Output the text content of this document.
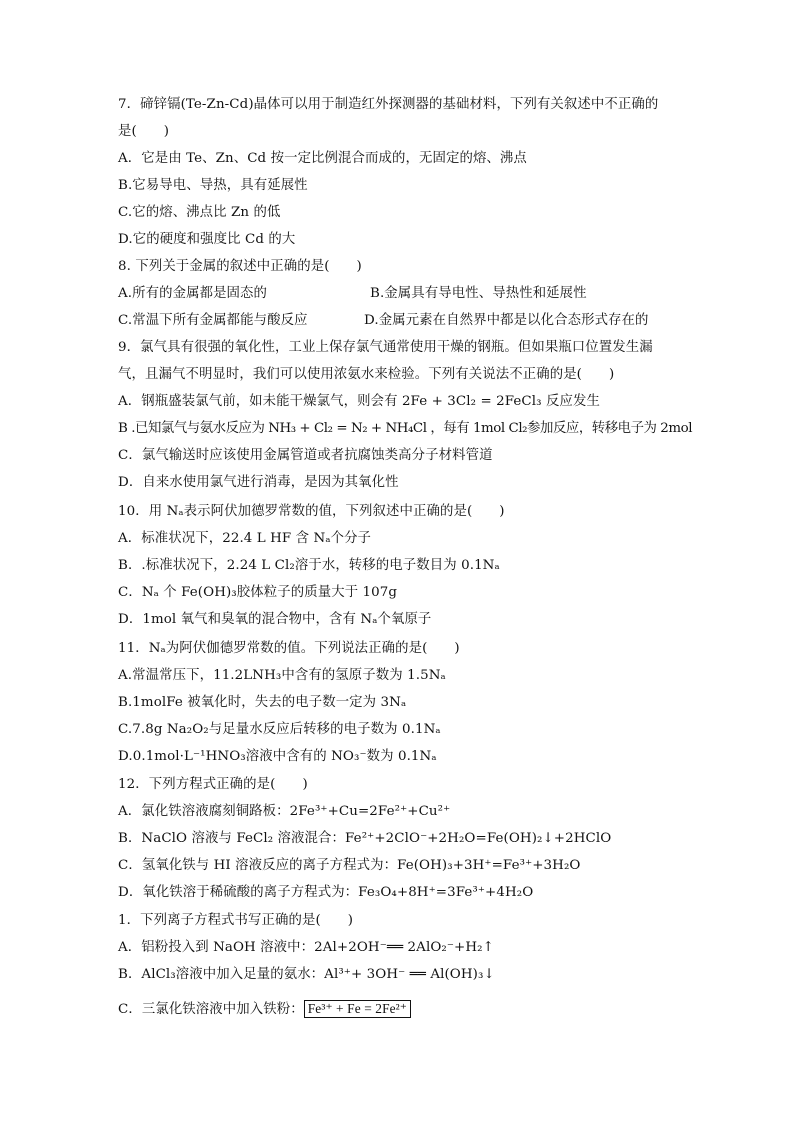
7．碲锌镉(Te-Zn-Cd)晶体可以用于制造红外探测器的基础材料，下列有关叙述中不正确的
是(　　)
A．它是由 Te、Zn、Cd 按一定比例混合而成的，无固定的熔、沸点
B.它易导电、导热，具有延展性
C.它的熔、沸点比 Zn 的低
D.它的硬度和强度比 Cd 的大
8. 下列关于金属的叙述中正确的是(　　)
A.所有的金属都是固态的	B.金属具有导电性、导热性和延展性
C.常温下所有金属都能与酸反应	D.金属元素在自然界中都是以化合态形式存在的
9．氯气具有很强的氧化性，工业上保存氯气通常使用干燥的钢瓶。但如果瓶口位置发生漏
气，且漏气不明显时，我们可以使用浓氨水来检验。下列有关说法不正确的是(　　)
A．钢瓶盛装氯气前，如未能干燥氯气，则会有 2Fe + 3Cl₂ = 2FeCl₃ 反应发生
B .已知氯气与氨水反应为 NH₃ + Cl₂ = N₂ + NH₄Cl ，每有 1mol Cl₂参加反应，转移电子为 2mol
C．氯气输送时应该使用金属管道或者抗腐蚀类高分子材料管道
D．自来水使用氯气进行消毒，是因为其氧化性
10．用 Nₐ表示阿伏加德罗常数的值，下列叙述中正确的是(　　)
A．标准状况下，22.4 L HF 含 Nₐ个分子
B．.标准状况下，2.24 L Cl₂溶于水，转移的电子数目为 0.1Nₐ
C．Nₐ 个 Fe(OH)₃胶体粒子的质量大于 107g
D．1mol 氧气和臭氧的混合物中，含有 Nₐ个氧原子
11．Nₐ为阿伏伽德罗常数的值。下列说法正确的是(　　)
A.常温常压下，11.2LNH₃中含有的氢原子数为 1.5Nₐ
B.1molFe 被氧化时，失去的电子数一定为 3Nₐ
C.7.8g Na₂O₂与足量水反应后转移的电子数为 0.1Nₐ
D.0.1mol·L⁻¹HNO₃溶液中含有的 NO₃⁻数为 0.1Nₐ
12．下列方程式正确的是(　　)
A．氯化铁溶液腐刻铜路板：2Fe³⁺+Cu=2Fe²⁺+Cu²⁺
B．NaClO 溶液与 FeCl₂ 溶液混合：Fe²⁺+2ClO⁻+2H₂O=Fe(OH)₂↓+2HClO
C．氢氧化铁与 HI 溶液反应的离子方程式为：Fe(OH)₃+3H⁺=Fe³⁺+3H₂O
D．氧化铁溶于稀硫酸的离子方程式为：Fe₃O₄+8H⁺=3Fe³⁺+4H₂O
1．下列离子方程式书写正确的是(　　)
A．铝粉投入到 NaOH 溶液中：2Al+2OH⁻══ 2AlO₂⁻+H₂↑
B．AlCl₃溶液中加入足量的氨水：Al³⁺+ 3OH⁻ ══ Al(OH)₃↓
C．三氯化铁溶液中加入铁粉： Fe³⁺ + Fe = 2Fe²⁺
